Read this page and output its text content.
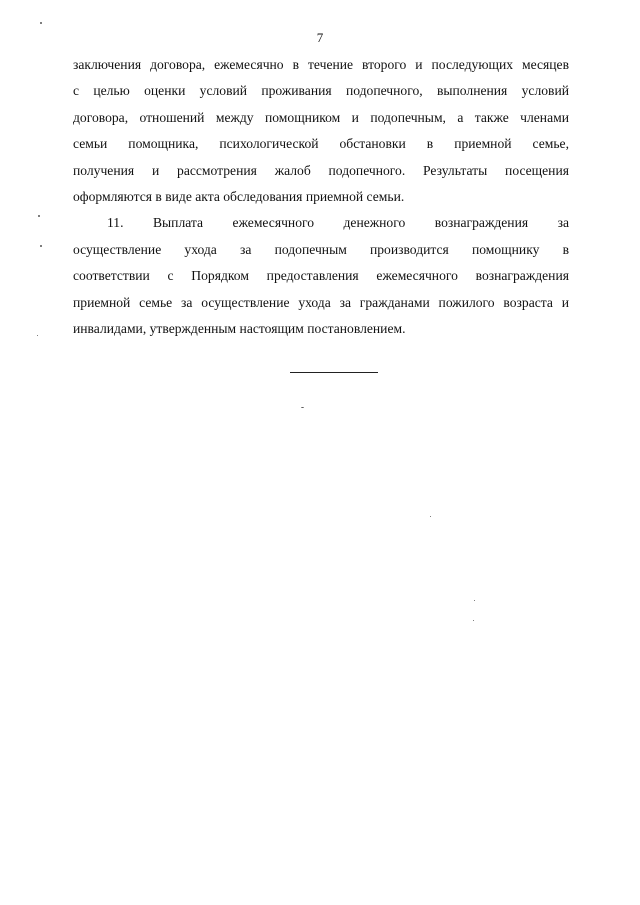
7
заключения договора, ежемесячно в течение второго и последующих месяцев
с целью оценки условий проживания подопечного, выполнения условий
договора, отношений между помощником и подопечным, а также членами
семьи помощника, психологической обстановки в приемной семье,
получения и рассмотрения жалоб подопечного. Результаты посещения
оформляются в виде акта обследования приемной семьи.
11. Выплата ежемесячного денежного вознаграждения за
осуществление ухода за подопечным производится помощнику в
соответствии с Порядком предоставления ежемесячного вознаграждения
приемной семье за осуществление ухода за гражданами пожилого возраста и
инвалидами, утвержденным настоящим постановлением.
